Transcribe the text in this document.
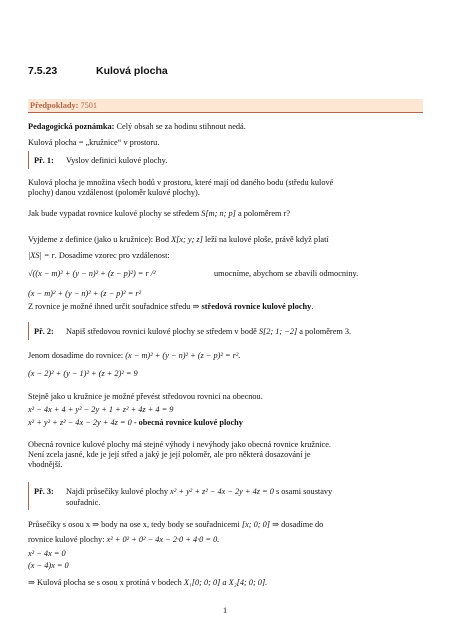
7.5.23	Kulová plocha
Předpoklady: 7501
Pedagogická poznámka: Celý obsah se za hodinu stihnout nedá.
Kulová plocha = „kružnice“ v prostoru.
Př. 1: Vyslov definici kulové plochy.
Kulová plocha je množina všech bodů v prostoru, které mají od daného bodu (středu kulové
plochy) danou vzdálenost (poloměr kulové plochy).
Jak bude vypadat rovnice kulové plochy se středem S[m; n; p] a poloměrem r?
Vyjdeme z definice (jako u kružnice): Bod X[x; y; z] leží na kulové ploše, právě když platí
|XS| = r. Dosadíme vzorec pro vzdálenost:
√((x − m)² + (y − n)² + (z − p)²) = r /²	umocníme, abychom se zbavili odmocniny.
(x − m)² + (y − n)² + (z − p)² = r²
Z rovnice je možné ihned určit souřadnice středu ⇒ středová rovnice kulové plochy.
Př. 2: Napiš středovou rovnici kulové plochy se středem v bodě S[2; 1; −2] a poloměrem 3.
Jenom dosadíme do rovnice: (x − m)² + (y − n)² + (z − p)² = r².
(x − 2)² + (y − 1)² + (z + 2)² = 9
Stejně jako u kružnice je možné převést středovou rovnici na obecnou.
x² − 4x + 4 + y² − 2y + 1 + z² + 4z + 4 = 9
x² + y² + z² − 4x − 2y + 4z = 0 - obecná rovnice kulové plochy
Obecná rovnice kulové plochy má stejné výhody i nevýhody jako obecná rovnice kružnice.
Není zcela jasné, kde je její střed a jaký je její poloměr, ale pro některá dosazování je
vhodnější.
Př. 3: Najdi průsečíky kulové plochy x² + y² + z² − 4x − 2y + 4z = 0 s osami soustavy
souřadnic.
Průsečíky s osou x ⇒ body na ose x, tedy body se souřadnicemi [x; 0; 0] ⇒ dosadíme do
rovnice kulové plochy: x² + 0² + 0² − 4x − 2·0 + 4·0 = 0.
x² − 4x = 0
(x − 4)x = 0
⇒ Kulová plocha se s osou x protíná v bodech X₁[0; 0; 0] a X₂[4; 0; 0].
1
